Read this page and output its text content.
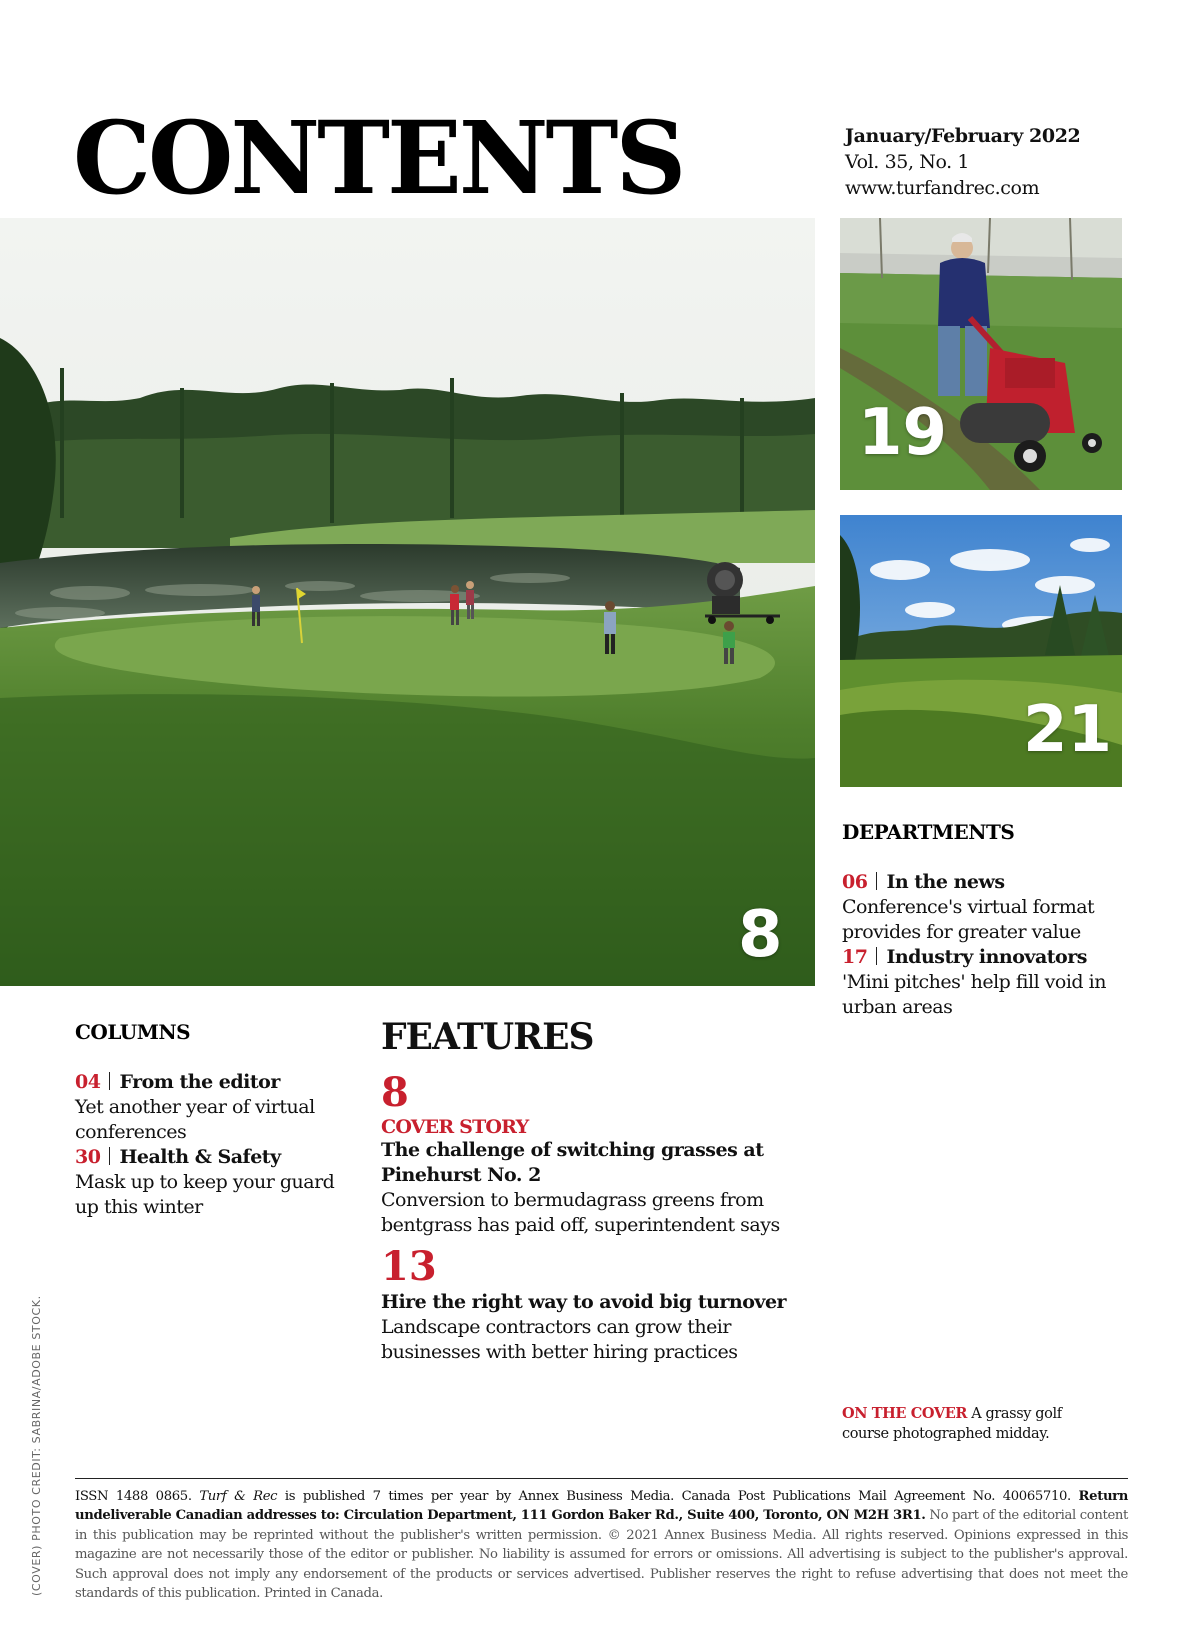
CONTENTS	January/February 2022
Vol. 35, No. 1
www.turfandrec.com
8
19
21
DEPARTMENTS
06 In the news
Conference's virtual format provides for greater value
17 Industry innovators
'Mini pitches' help fill void in urban areas
COLUMNS
04 From the editor
Yet another year of virtual conferences
30 Health & Safety
Mask up to keep your guard up this winter
FEATURES
8
COVER STORY
The challenge of switching grasses at Pinehurst No. 2
Conversion to bermudagrass greens from bentgrass has paid off, superintendent says
13
Hire the right way to avoid big turnover
Landscape contractors can grow their businesses with better hiring practices
ON THE COVER A grassy golf course photographed midday.
ISSN 1488 0865. Turf & Rec is published 7 times per year by Annex Business Media. Canada Post Publications Mail Agreement No. 40065710. Return undeliverable Canadian addresses to: Circulation Department, 111 Gordon Baker Rd., Suite 400, Toronto, ON M2H 3R1. No part of the editorial content in this publication may be reprinted without the publisher's written permission. © 2021 Annex Business Media. All rights reserved. Opinions expressed in this magazine are not necessarily those of the editor or publisher. No liability is assumed for errors or omissions. All advertising is subject to the publisher's approval. Such approval does not imply any endorsement of the products or services advertised. Publisher reserves the right to refuse advertising that does not meet the standards of this publication. Printed in Canada.
(COVER) PHOTO CREDIT: SABRINA/ADOBE STOCK.
